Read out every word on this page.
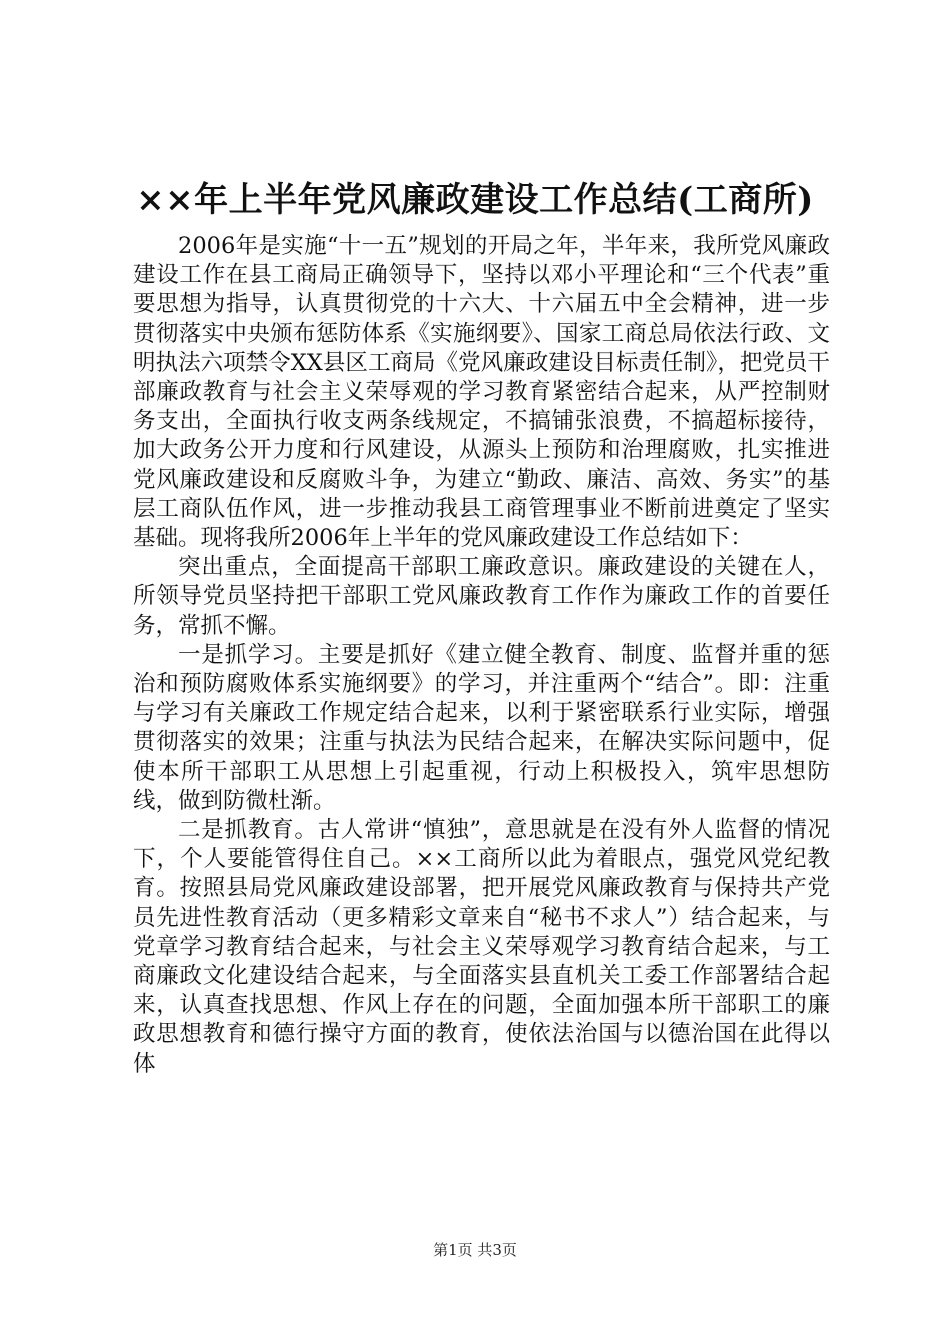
××年上半年党风廉政建设工作总结(工商所)

2006年是实施“十一五”规划的开局之年，半年来，我所党风廉政建设工作在县工商局正确领导下，坚持以邓小平理论和“三个代表”重要思想为指导，认真贯彻党的十六大、十六届五中全会精神，进一步贯彻落实中央颁布惩防体系《实施纲要》、国家工商总局依法行政、文明执法六项禁令XX县区工商局《党风廉政建设目标责任制》，把党员干部廉政教育与社会主义荣辱观的学习教育紧密结合起来，从严控制财务支出，全面执行收支两条线规定，不搞铺张浪费，不搞超标接待，加大政务公开力度和行风建设，从源头上预防和治理腐败，扎实推进党风廉政建设和反腐败斗争，为建立“勤政、廉洁、高效、务实”的基层工商队伍作风，进一步推动我县工商管理事业不断前进奠定了坚实基础。现将我所2006年上半年的党风廉政建设工作总结如下：

突出重点，全面提高干部职工廉政意识。廉政建设的关键在人，所领导党员坚持把干部职工党风廉政教育工作作为廉政工作的首要任务，常抓不懈。

一是抓学习。主要是抓好《建立健全教育、制度、监督并重的惩治和预防腐败体系实施纲要》的学习，并注重两个“结合”。即：注重与学习有关廉政工作规定结合起来，以利于紧密联系行业实际，增强贯彻落实的效果；注重与执法为民结合起来，在解决实际问题中，促使本所干部职工从思想上引起重视，行动上积极投入，筑牢思想防线，做到防微杜渐。

二是抓教育。古人常讲“慎独”，意思就是在没有外人监督的情况下，个人要能管得住自己。××工商所以此为着眼点，强党风党纪教育。按照县局党风廉政建设部署，把开展党风廉政教育与保持共产党员先进性教育活动（更多精彩文章来自“秘书不求人”）结合起来，与党章学习教育结合起来，与社会主义荣辱观学习教育结合起来，与工商廉政文化建设结合起来，与全面落实县直机关工委工作部署结合起来，认真查找思想、作风上存在的问题，全面加强本所干部职工的廉政思想教育和德行操守方面的教育，使依法治国与以德治国在此得以体

第1页 共3页
